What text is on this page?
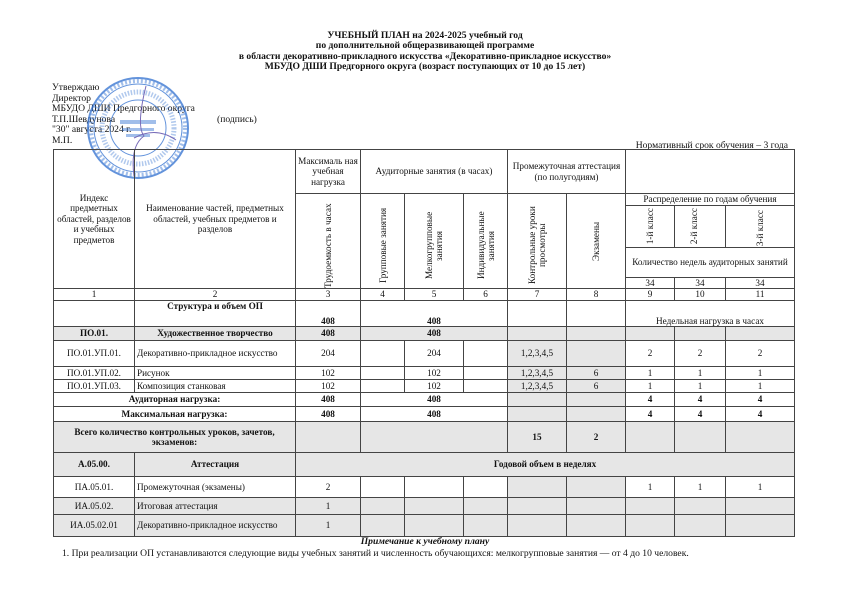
УЧЕБНЫЙ ПЛАН на 2024-2025 учебный год
по дополнительной общеразвивающей программе
в области декоративно-прикладного искусства «Декоративно-прикладное искусство»
МБУДО ДШИ Предгорного округа (возраст поступающих от 10 до 15 лет)
Утверждаю
Директор
МБУДО ДШИ Предгорного округа
Т.П.Шевдунова	(подпись)
"30" августа 2024 г.
М.П.	Нормативный срок обучения – 3 года
Индекс предметных областей, разделов и учебных предметов	Наименование частей, предметных областей, учебных предметов и разделов	Максималь ная учебная нагрузка	Аудиторные занятия (в часах)			Промежуточная аттестация (по полугодиям)				

		Трудоемкость в часах	Групповые занятия	Мелкогрупповые занятия	Индивидуальные занятия	Контрольные уроки просмотры	Экзамены	Распределение по годам обучения		

								1-й класс	2-й класс	3-й класс

								Количество недель аудиторных занятий		
								34	34	34

1	2	3	4	5	6	7	8	9	10	11
	Структура и объем ОП	408	408					Недельная нагрузка в часах		
ПО.01.	Художественное творчество	408	408							
ПО.01.УП.01.	Декоративно-прикладное искусство	204		204		1,2,3,4,5		2	2	2
ПО.01.УП.02.	Рисунок	102		102		1,2,3,4,5	6	1	1	1
ПО.01.УП.03.	Композиция станковая	102		102		1,2,3,4,5	6	1	1	1
Аудиторная нагрузка:		408	408					4	4	4
Максимальная нагрузка:		408	408					4	4	4
Всего количество контрольных уроков, зачетов, экзаменов:						15	2			
А.05.00.	Аттестация	Годовой объем в неделях								
ПА.05.01.	Промежуточная (экзамены)	2						1	1	1
ИА.05.02.	Итоговая аттестация	1								
ИА.05.02.01	Декоративно-прикладное искусство	1								
Примечание к учебному плану
1. При реализации ОП устанавливаются следующие виды учебных занятий и численность обучающихся: мелкогрупповые занятия — от 4 до 10 человек.
